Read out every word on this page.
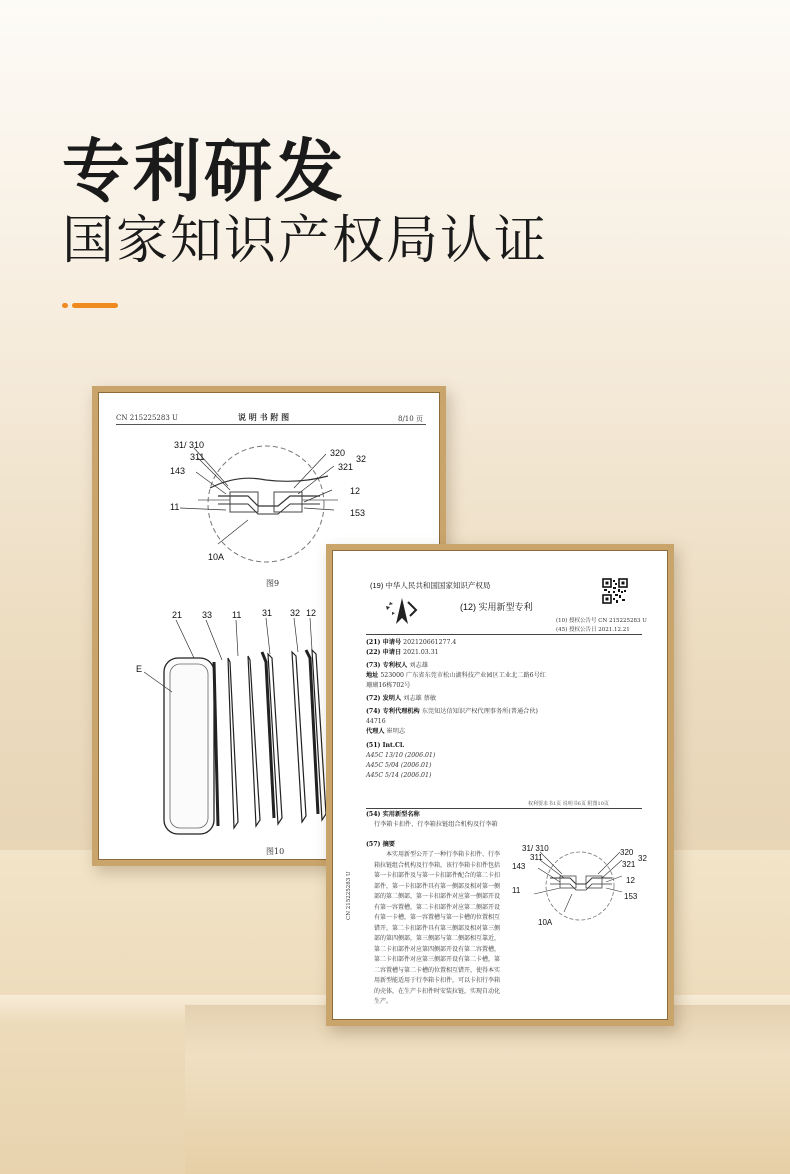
专利研发
国家知识产权局认证
CN 215225283 U	说 明 书 附 图	8/10 页
31/ 310
311
143
11
10A
320
32
321
12
153
图9
21 33 11 31 32 12
E
图10
(19) 中华人民共和国国家知识产权局
(12) 实用新型专利
(10) 授权公告号 CN 215225283 U
(45) 授权公告日 2021.12.21
(21) 申请号 202120661277.4
(22) 申请日 2021.03.31
(73) 专利权人 刘志雄
地址 523000 广东省东莞市松山湖科技产业园区工业北二路6号红珊瑚16栋702号
(72) 发明人 刘志雄 蔡敏
(74) 专利代理机构 东莞知达信知识产权代理事务所(普通合伙) 44716
代理人 崔明志
(51) Int.Cl.
A45C 13/10 (2006.01)
A45C 5/04 (2006.01)
A45C 5/14 (2006.01)
权利要求书1页 说明书6页 附图10页
(54) 实用新型名称
行李箱卡扣件、行李箱拉链组合机构及行李箱
(57) 摘要
本实用新型公开了一种行李箱卡扣件、行李箱拉链组合机构及行李箱，该行李箱卡扣件包括第一卡扣部件及与第一卡扣部件配合的第二卡扣部件，第一卡扣部件具有第一侧部及相对第一侧部的第二侧部，第一卡扣部件对应第一侧部开设有第一容置槽，第二卡扣部件对应第二侧部开设有第一卡槽，第一容置槽与第一卡槽的位置相互错开，第二卡扣部件具有第三侧部及相对第三侧部的第四侧部，第三侧部与第二侧部相互靠近，第二卡扣部件对应第四侧部开设有第二容置槽，第二卡扣部件对应第三侧部开设有第二卡槽，第二容置槽与第二卡槽的位置相互错开，使得本实用新型能适用于行李箱卡扣件，可以卡扣行李箱的壳体，在生产卡扣件时安装拉链，实现自动化生产。
CN 215225283 U
31/ 310
311
143
11
10A
320
32
321
12
153
